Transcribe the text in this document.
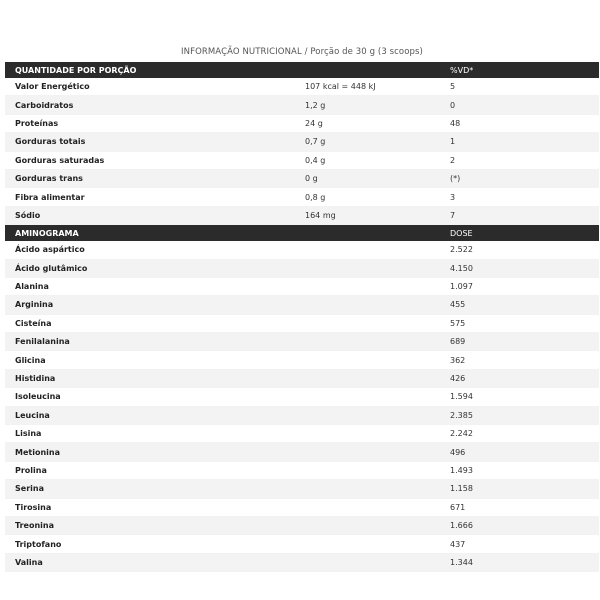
INFORMAÇÃO NUTRICIONAL / Porção de 30 g (3 scoops)
QUANTIDADE POR PORÇÃO		%VD*
Valor Energético	107 kcal = 448 kJ	5
Carboidratos	1,2 g	0
Proteínas	24 g	48
Gorduras totais	0,7 g	1
Gorduras saturadas	0,4 g	2
Gorduras trans	0 g	(*)
Fibra alimentar	0,8 g	3
Sódio	164 mg	7
AMINOGRAMA	DOSE	
Ácido aspártico	2.522	
Ácido glutâmico	4.150	
Alanina	1.097	
Arginina	455	
Cisteína	575	
Fenilalanina	689	
Glicina	362	
Histidina	426	
Isoleucina	1.594	
Leucina	2.385	
Lisina	2.242	
Metionina	496	
Prolina	1.493	
Serina	1.158	
Tirosina	671	
Treonina	1.666	
Triptofano	437	
Valina	1.344	
